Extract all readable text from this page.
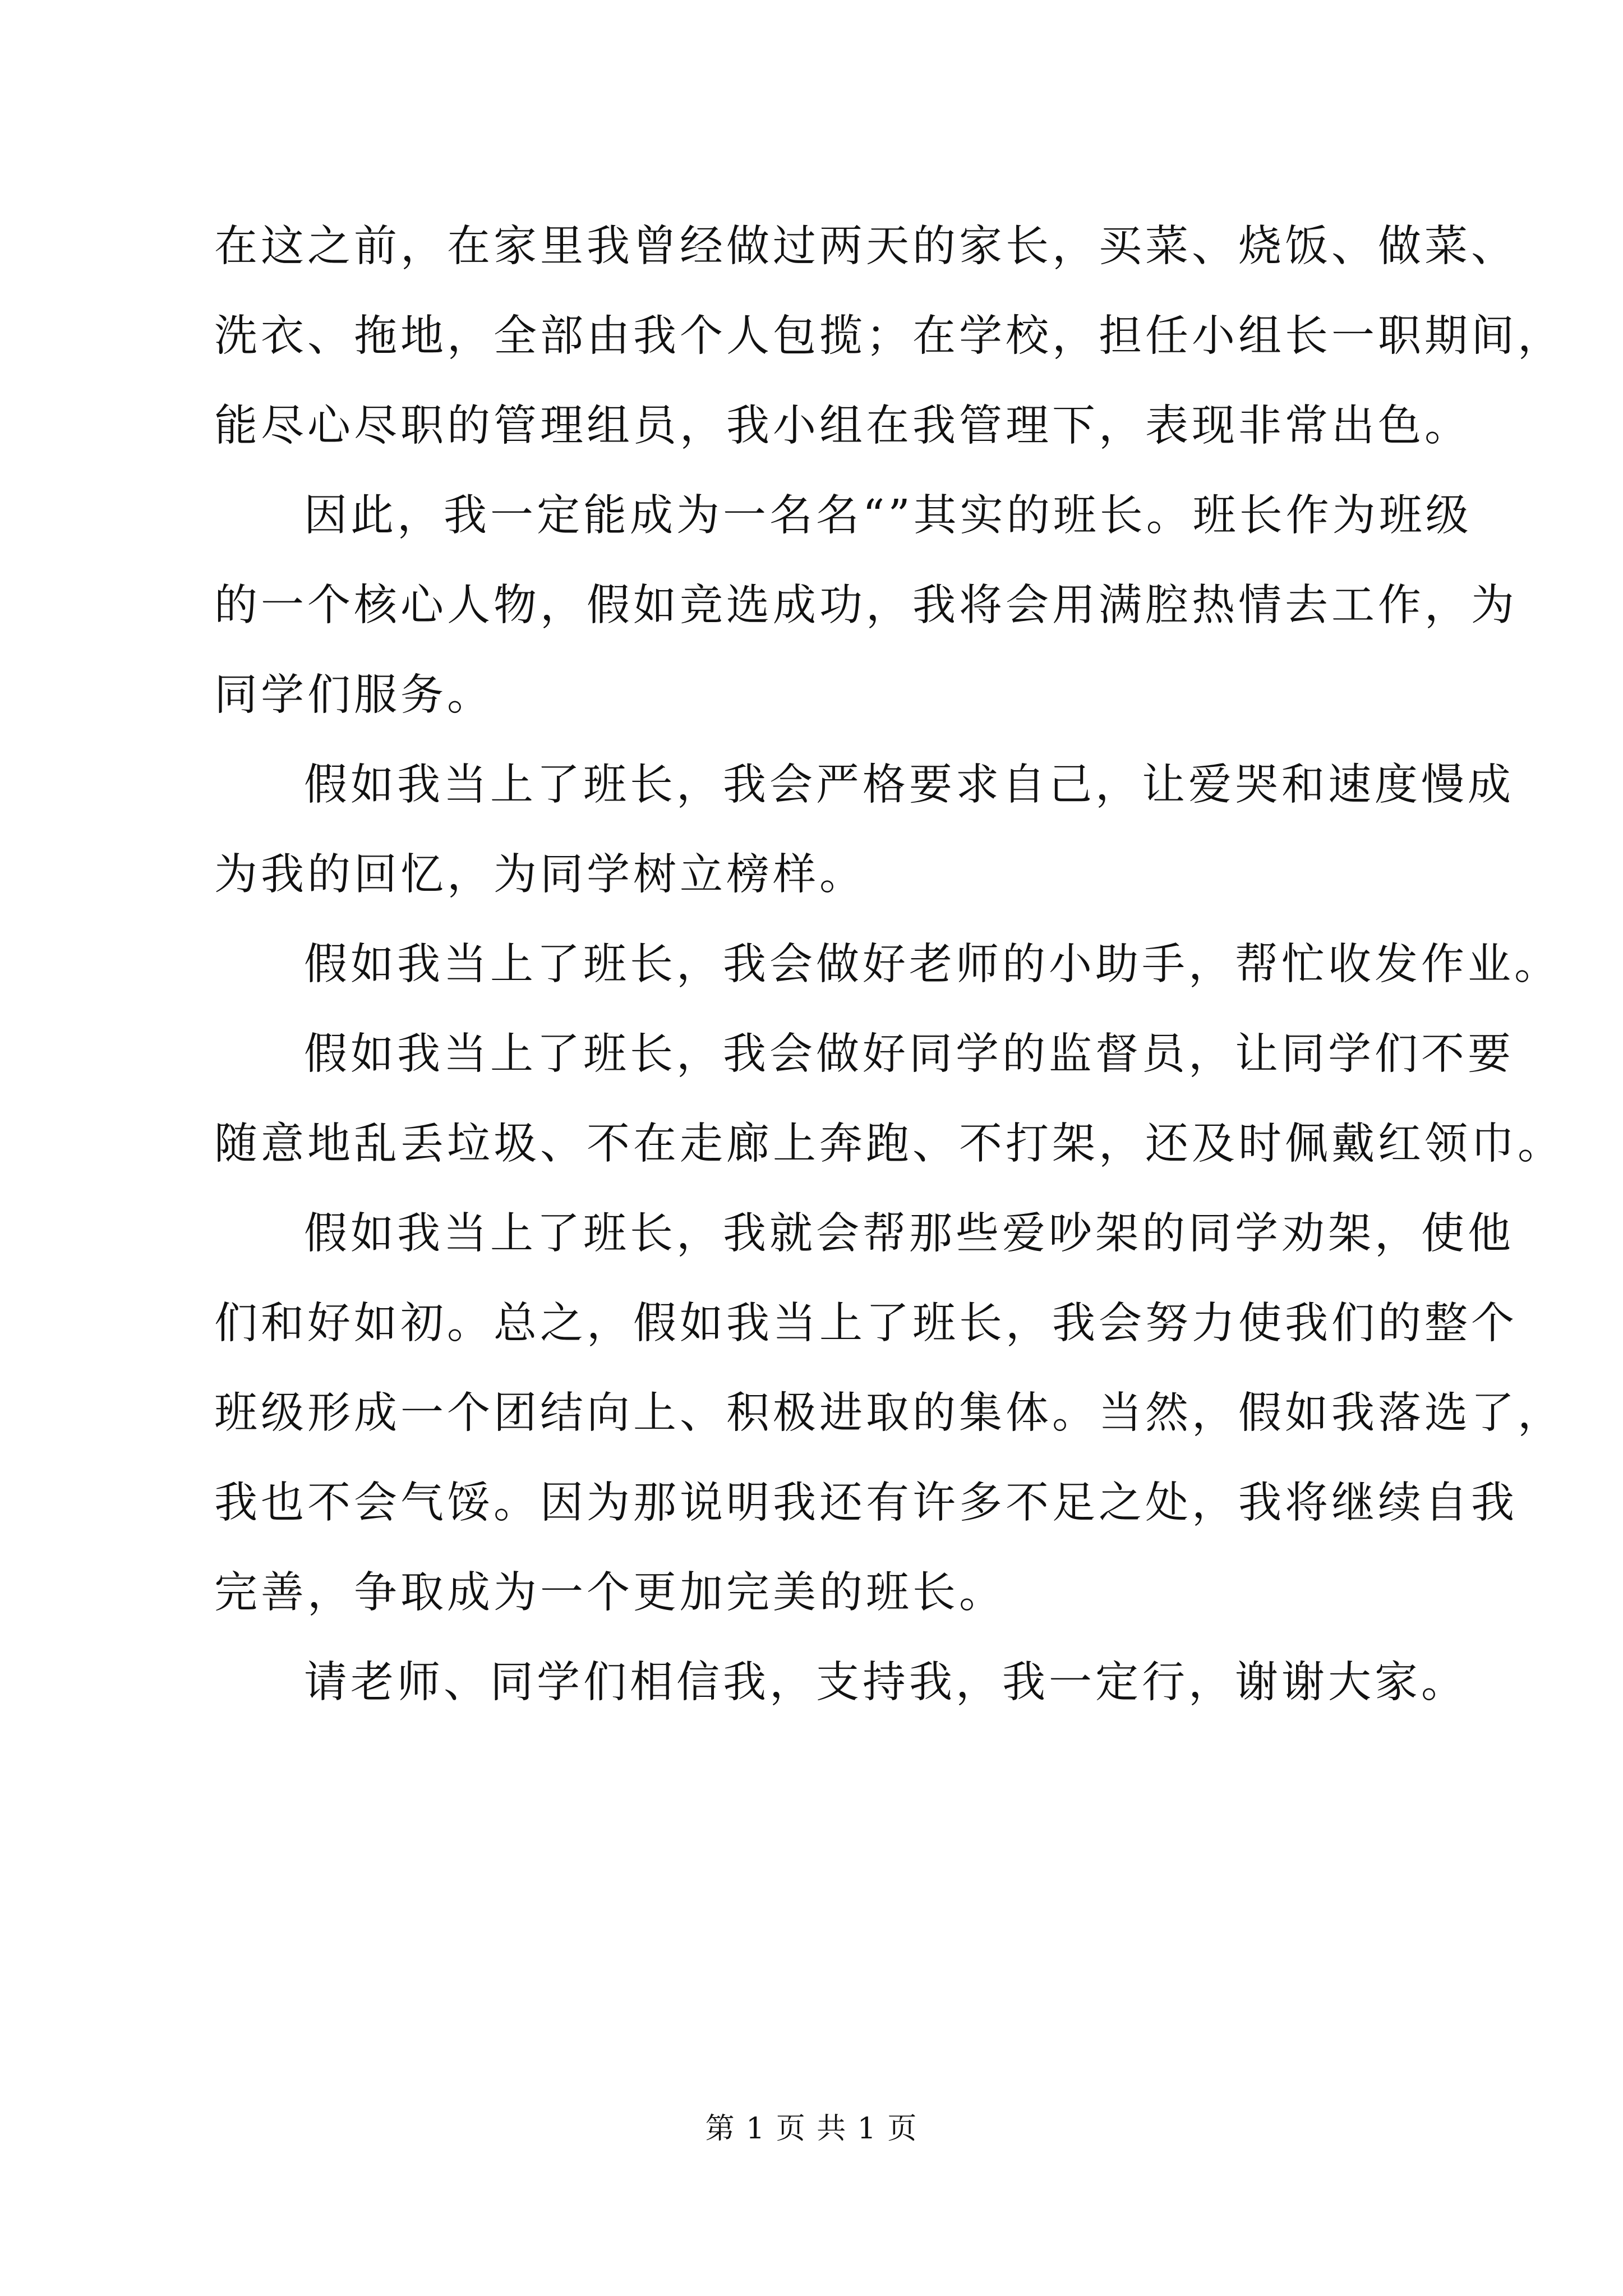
在这之前，在家里我曾经做过两天的家长，买菜、烧饭、做菜、
洗衣、拖地，全部由我个人包揽；在学校，担任小组长一职期间，
能尽心尽职的管理组员，我小组在我管理下，表现非常出色。
因此，我一定能成为一名名“”其实的班长。班长作为班级
的一个核心人物，假如竞选成功，我将会用满腔热情去工作，为
同学们服务。
假如我当上了班长，我会严格要求自己，让爱哭和速度慢成
为我的回忆，为同学树立榜样。
假如我当上了班长，我会做好老师的小助手，帮忙收发作业。
假如我当上了班长，我会做好同学的监督员，让同学们不要
随意地乱丢垃圾、不在走廊上奔跑、不打架，还及时佩戴红领巾。
假如我当上了班长，我就会帮那些爱吵架的同学劝架，使他
们和好如初。总之，假如我当上了班长，我会努力使我们的整个
班级形成一个团结向上、积极进取的集体。当然，假如我落选了，
我也不会气馁。因为那说明我还有许多不足之处，我将继续自我
完善，争取成为一个更加完美的班长。
请老师、同学们相信我，支持我，我一定行，谢谢大家。
第 1 页 共 1 页
